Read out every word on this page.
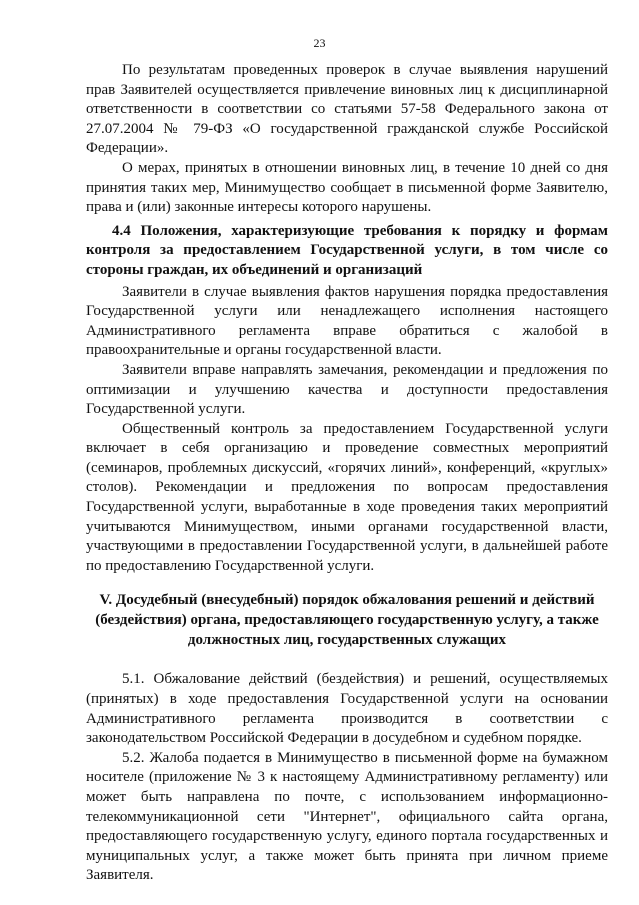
23

По результатам проведенных проверок в случае выявления нарушений прав Заявителей осуществляется привлечение виновных лиц к дисциплинарной ответственности в соответствии со статьями 57-58 Федерального закона от 27.07.2004 № 79-ФЗ «О государственной гражданской службе Российской Федерации».

О мерах, принятых в отношении виновных лиц, в течение 10 дней со дня принятия таких мер, Минимущество сообщает в письменной форме Заявителю, права и (или) законные интересы которого нарушены.

4.4 Положения, характеризующие требования к порядку и формам контроля за предоставлением Государственной услуги, в том числе со стороны граждан, их объединений и организаций

Заявители в случае выявления фактов нарушения порядка предоставления Государственной услуги или ненадлежащего исполнения настоящего Административного регламента вправе обратиться с жалобой в правоохранительные и органы государственной власти.

Заявители вправе направлять замечания, рекомендации и предложения по оптимизации и улучшению качества и доступности предоставления Государственной услуги.

Общественный контроль за предоставлением Государственной услуги включает в себя организацию и проведение совместных мероприятий (семинаров, проблемных дискуссий, «горячих линий», конференций, «круглых» столов). Рекомендации и предложения по вопросам предоставления Государственной услуги, выработанные в ходе проведения таких мероприятий учитываются Минимуществом, иными органами государственной власти, участвующими в предоставлении Государственной услуги, в дальнейшей работе по предоставлению Государственной услуги.

V. Досудебный (внесудебный) порядок обжалования решений и действий (бездействия) органа, предоставляющего государственную услугу, а также должностных лиц, государственных служащих

5.1. Обжалование действий (бездействия) и решений, осуществляемых (принятых) в ходе предоставления Государственной услуги на основании Административного регламента производится в соответствии с законодательством Российской Федерации в досудебном и судебном порядке.

5.2. Жалоба подается в Минимущество в письменной форме на бумажном носителе (приложение № 3 к настоящему Административному регламенту) или может быть направлена по почте, с использованием информационно-телекоммуникационной сети "Интернет", официального сайта органа, предоставляющего государственную услугу, единого портала государственных и муниципальных услуг, а также может быть принята при личном приеме Заявителя.
